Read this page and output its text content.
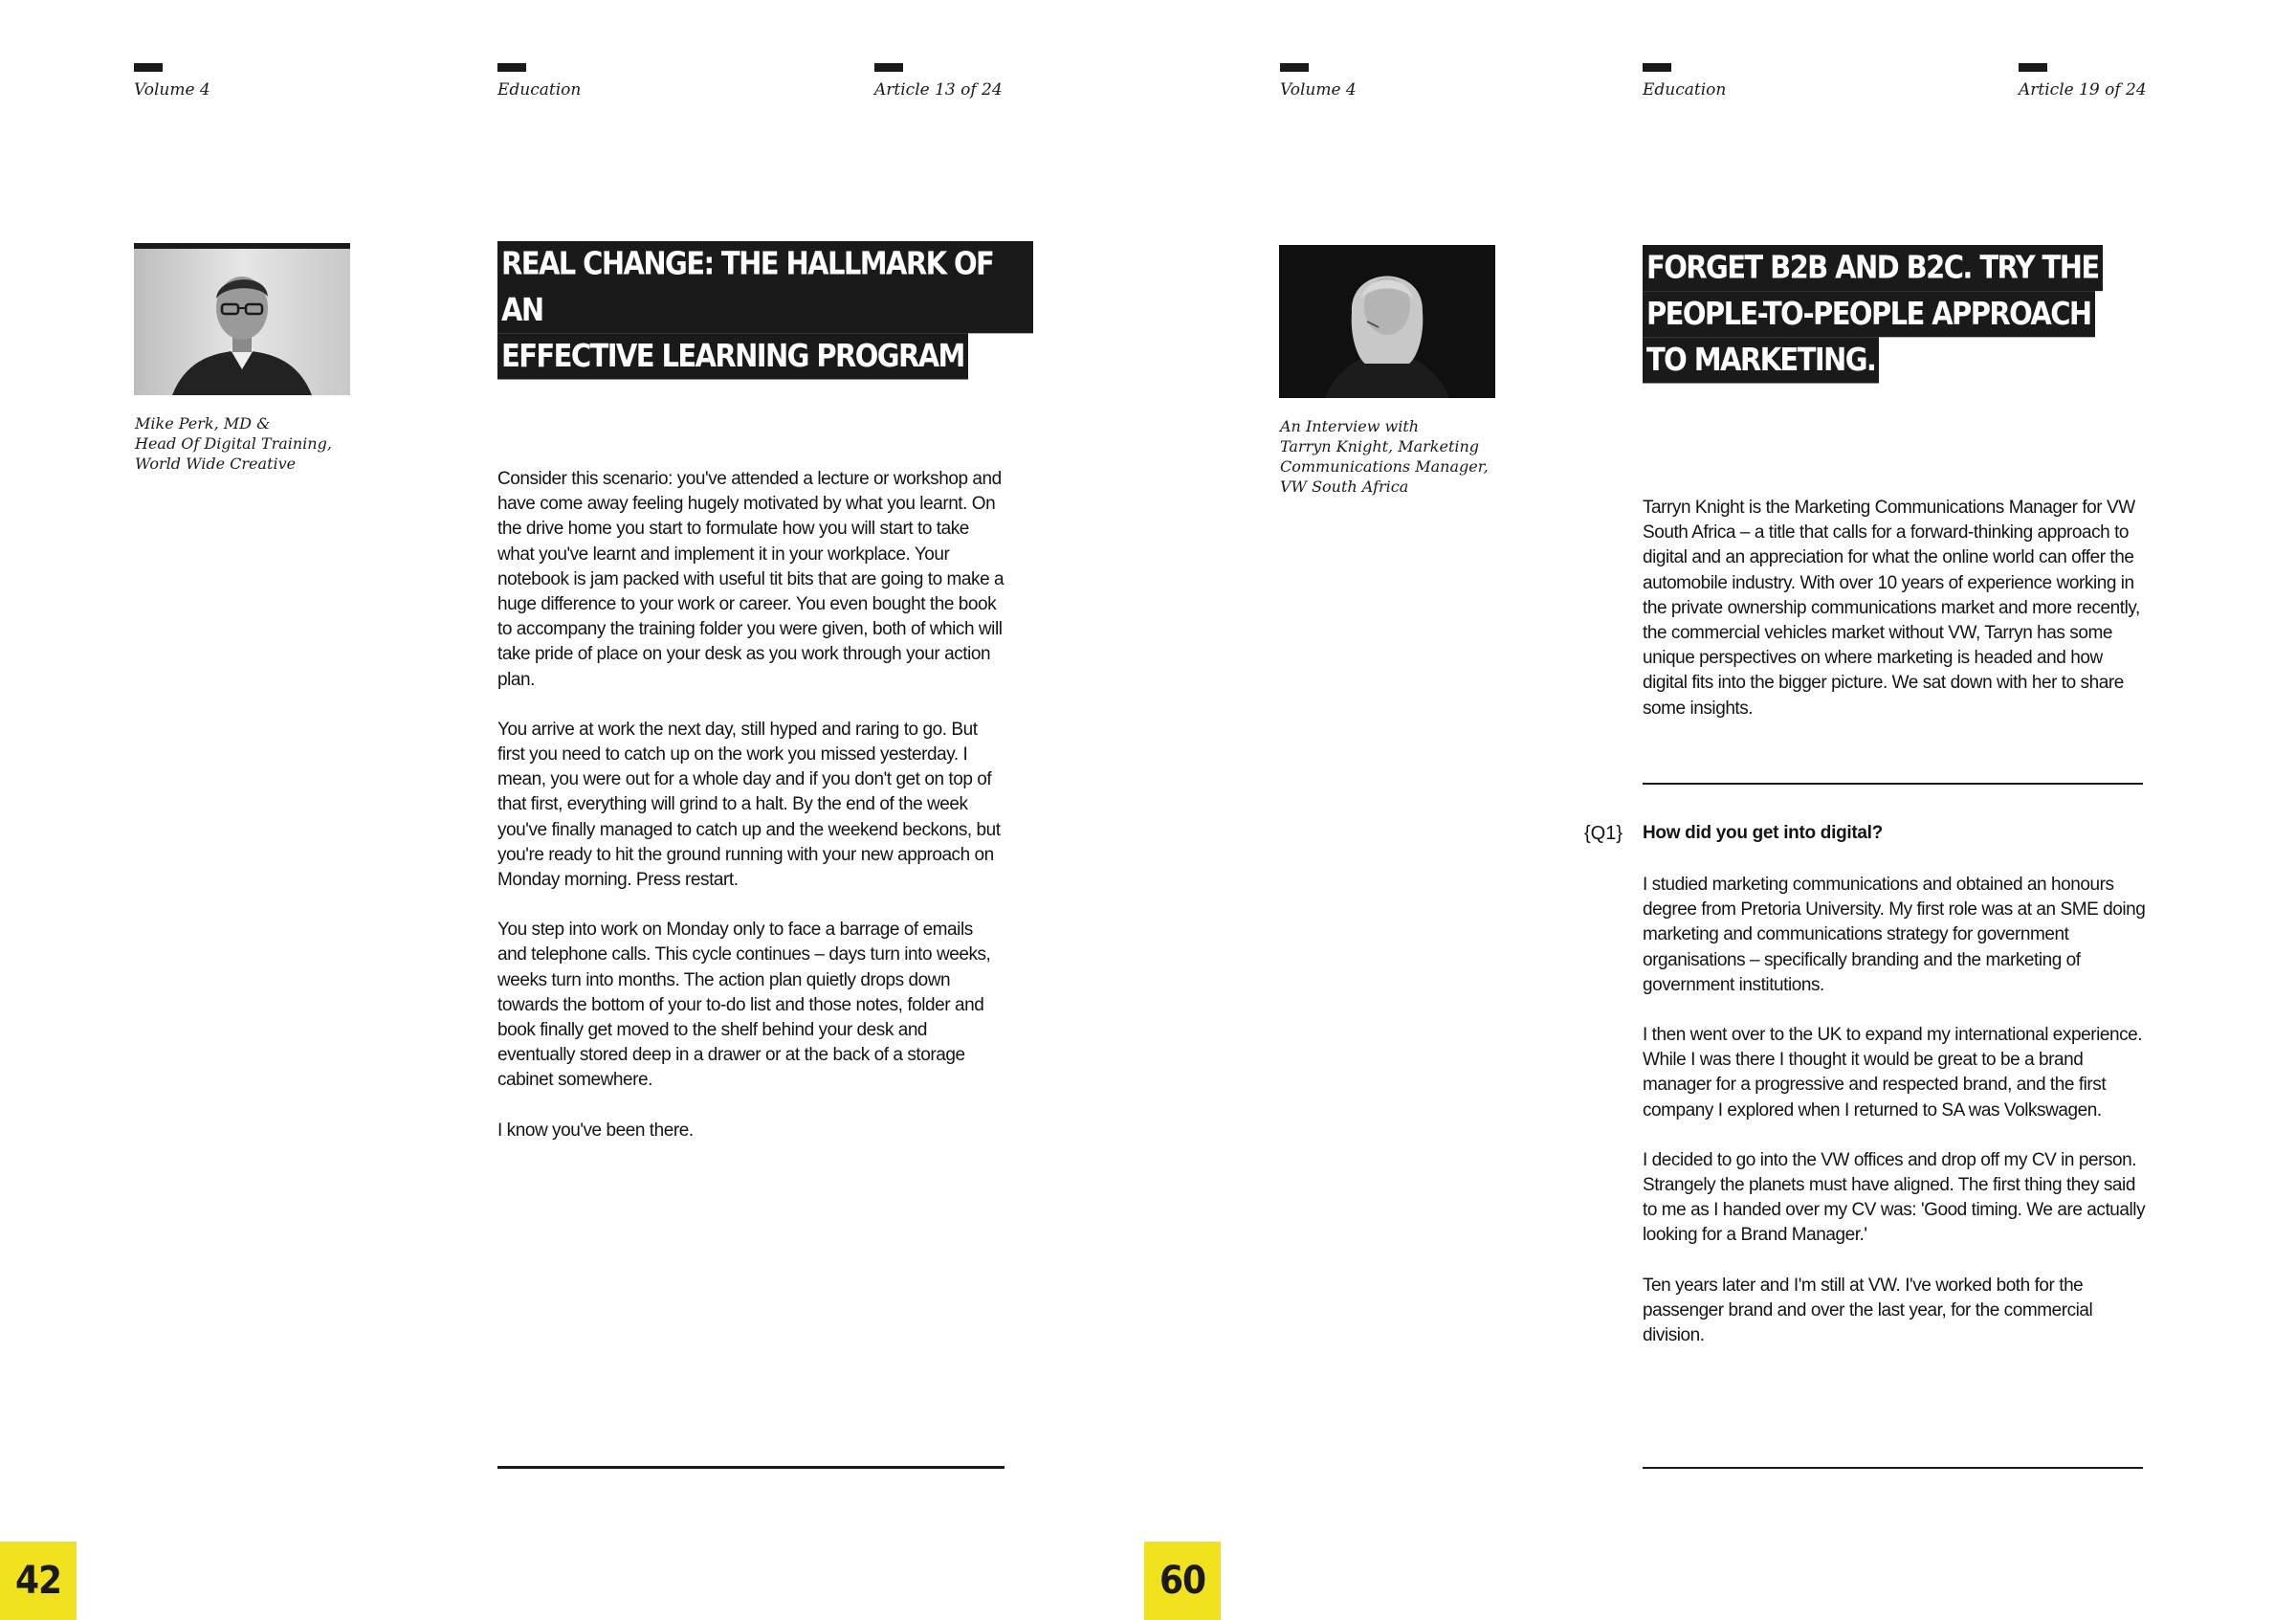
Volume 4	Education	Article 13 of 24
Mike Perk, MD &
Head Of Digital Training,
World Wide Creative
REAL CHANGE: THE HALLMARK OF AN
EFFECTIVE LEARNING PROGRAM

Consider this scenario: you've attended a lecture or workshop and have come away feeling hugely motivated by what you learnt. On the drive home you start to formulate how you will start to take what you've learnt and implement it in your workplace. Your notebook is jam packed with useful tit bits that are going to make a huge difference to your work or career. You even bought the book to accompany the training folder you were given, both of which will take pride of place on your desk as you work through your action plan.

You arrive at work the next day, still hyped and raring to go. But first you need to catch up on the work you missed yesterday. I mean, you were out for a whole day and if you don't get on top of that first, everything will grind to a halt. By the end of the week you've finally managed to catch up and the weekend beckons, but you're ready to hit the ground running with your new approach on Monday morning. Press restart.

You step into work on Monday only to face a barrage of emails and telephone calls. This cycle continues – days turn into weeks, weeks turn into months. The action plan quietly drops down towards the bottom of your to-do list and those notes, folder and book finally get moved to the shelf behind your desk and eventually stored deep in a drawer or at the back of a storage cabinet somewhere.

I know you've been there.

42
Volume 4	Education	Article 19 of 24
An Interview with
Tarryn Knight, Marketing
Communications Manager,
VW South Africa
FORGET B2B AND B2C. TRY THE
PEOPLE-TO-PEOPLE APPROACH
TO MARKETING.

Tarryn Knight is the Marketing Communications Manager for VW South Africa – a title that calls for a forward-thinking approach to digital and an appreciation for what the online world can offer the automobile industry. With over 10 years of experience working in the private ownership communications market and more recently, the commercial vehicles market without VW, Tarryn has some unique perspectives on where marketing is headed and how digital fits into the bigger picture. We sat down with her to share some insights.

{Q1} How did you get into digital?

I studied marketing communications and obtained an honours degree from Pretoria University. My first role was at an SME doing marketing and communications strategy for government organisations – specifically branding and the marketing of government institutions.

I then went over to the UK to expand my international experience. While I was there I thought it would be great to be a brand manager for a progressive and respected brand, and the first company I explored when I returned to SA was Volkswagen.

I decided to go into the VW offices and drop off my CV in person. Strangely the planets must have aligned. The first thing they said to me as I handed over my CV was: 'Good timing. We are actually looking for a Brand Manager.'

Ten years later and I'm still at VW. I've worked both for the passenger brand and over the last year, for the commercial division.

60
